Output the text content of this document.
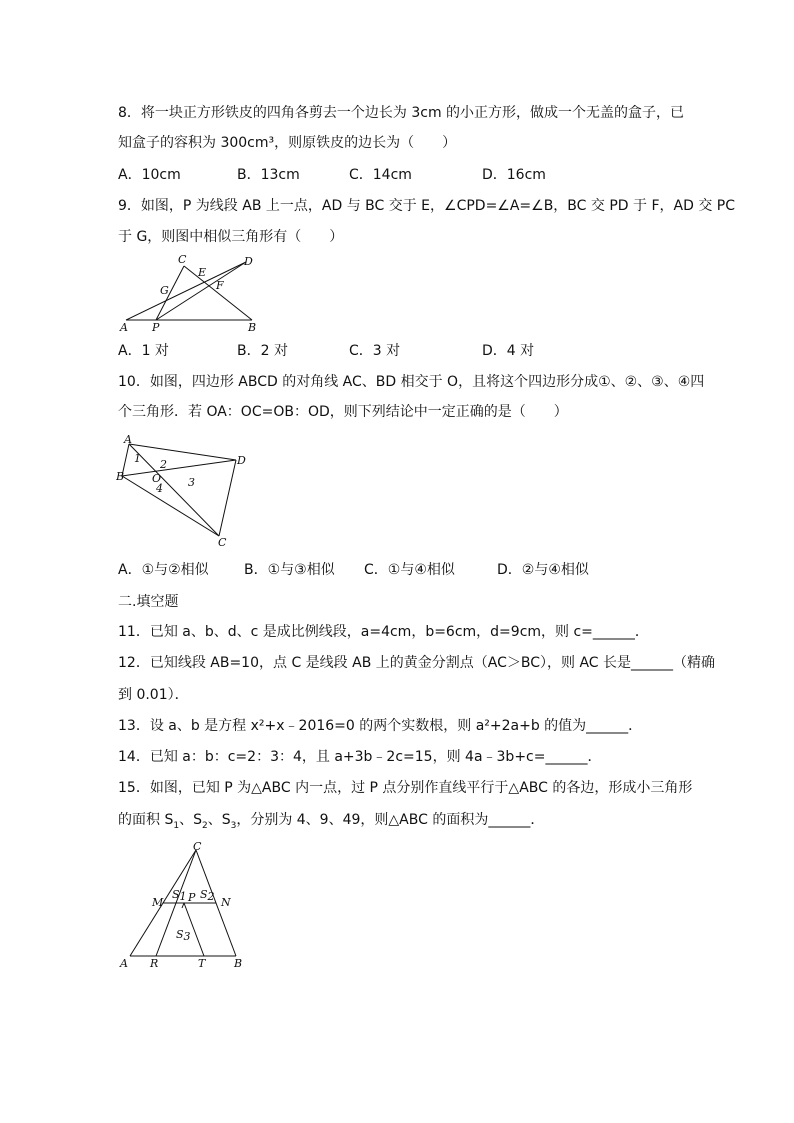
8．将一块正方形铁皮的四角各剪去一个边长为 3cm 的小正方形，做成一个无盖的盒子，已
知盒子的容积为 300cm³，则原铁皮的边长为（　　）
A．10cm	B．13cm	C．14cm	D．16cm
9．如图，P 为线段 AB 上一点，AD 与 BC 交于 E，∠CPD=∠A=∠B，BC 交 PD 于 F，AD 交 PC
于 G，则图中相似三角形有（　　）
C
E
D
G	F
A P	B
A．1 对	B．2 对	C．3 对	D．4 对
10．如图，四边形 ABCD 的对角线 AC、BD 相交于 O，且将这个四边形分成①、②、③、④四
个三角形．若 OA：OC=OB：OD，则下列结论中一定正确的是（　　）
A
B
D
C
O
1 2
3
4
A．①与②相似	B．①与③相似 C．①与④相似	D．②与④相似
二.填空题
11．已知 a、b、d、c 是成比例线段，a=4cm，b=6cm，d=9cm，则 c=______．
12．已知线段 AB=10，点 C 是线段 AB 上的黄金分割点（AC＞BC），则 AC 长是______（精确
到 0.01）．
13．设 a、b 是方程 x²+x﹣2016=0 的两个实数根，则 a²+2a+b 的值为______．
14．已知 a：b：c=2：3：4，且 a+3b﹣2c=15，则 4a﹣3b+c=______．
15．如图，已知 P 为△ABC 内一点，过 P 点分别作直线平行于△ABC 的各边，形成小三角形
的面积 $S_1$、$S_2$、$S_3$，分别为 4、9、49，则△ABC 的面积为______．
C
M	N
P
S1 S2
S3
A R	T	B
